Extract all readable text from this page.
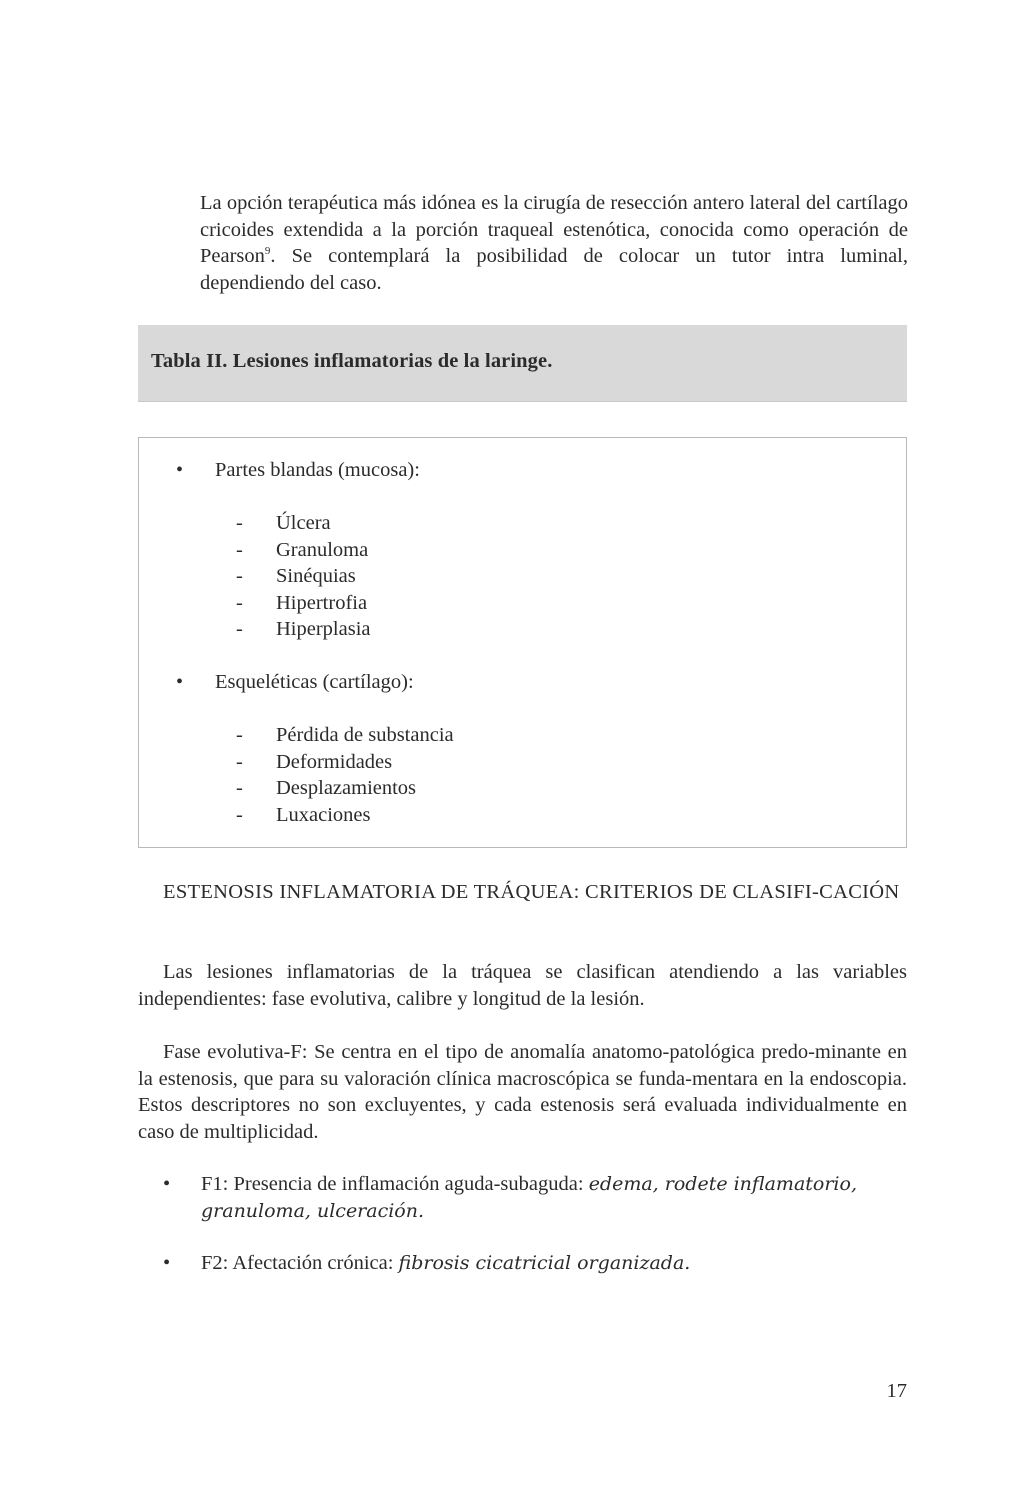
La opción terapéutica más idónea es la cirugía de resección antero lateral del cartílago cricoides extendida a la porción traqueal estenótica, conocida como operación de Pearson$^9$. Se contemplará la posibilidad de colocar un tutor intra luminal, dependiendo del caso.

Tabla II. Lesiones inflamatorias de la laringe.
• Partes blandas (mucosa):
- Úlcera
- Granuloma
- Sinéquias
- Hipertrofia
- Hiperplasia
• Esqueléticas (cartílago):
- Pérdida de substancia
- Deformidades
- Desplazamientos
- Luxaciones
ESTENOSIS INFLAMATORIA DE TRÁQUEA: CRITERIOS DE CLASIFI-CACIÓN

Las lesiones inflamatorias de la tráquea se clasifican atendiendo a las variables independientes: fase evolutiva, calibre y longitud de la lesión.

Fase evolutiva-F: Se centra en el tipo de anomalía anatomo-patológica predo-minante en la estenosis, que para su valoración clínica macroscópica se funda-mentara en la endoscopia. Estos descriptores no son excluyentes, y cada estenosis será evaluada individualmente en caso de multiplicidad.

• F1: Presencia de inflamación aguda-subaguda: edema, rodete inflamatorio, granuloma, ulceración.

• F2: Afectación crónica: fibrosis cicatricial organizada.

17
